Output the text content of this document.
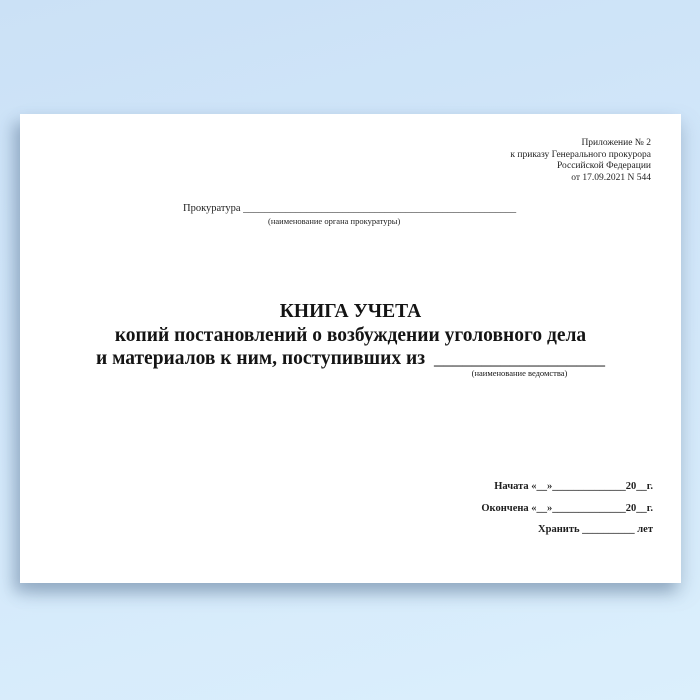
Приложение № 2
к приказу Генерального прокурора
Российской Федерации
от 17.09.2021 N 544
Прокуратура ____________________________________________________
(наименование органа прокуратуры)
КНИГА УЧЕТА
копий постановлений о возбуждении уголовного дела
и материалов к ним, поступивших из __________________
(наименование ведомства)
Начата «__»______________20__г.
Окончена «__»______________20__г.
Хранить __________ лет
